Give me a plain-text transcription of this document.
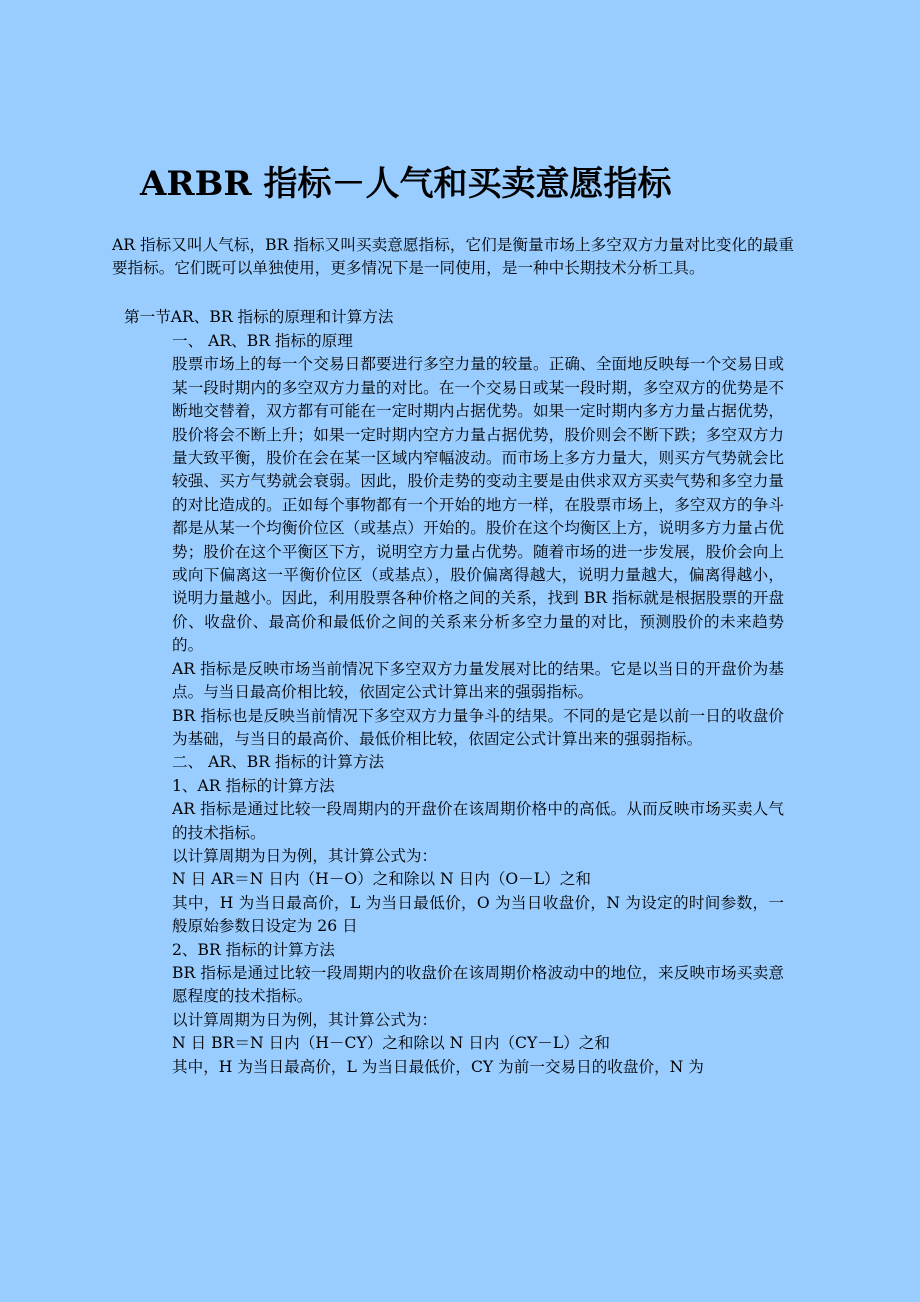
ARBR 指标－人气和买卖意愿指标

AR 指标又叫人气标，BR 指标又叫买卖意愿指标，它们是衡量市场上多空双方力量对比变化的最重要指标。它们既可以单独使用，更多情况下是一同使用，是一种中长期技术分析工具。

第一节AR、BR 指标的原理和计算方法

一、 AR、BR 指标的原理

股票市场上的每一个交易日都要进行多空力量的较量。正确、全面地反映每一个交易日或某一段时期内的多空双方力量的对比。在一个交易日或某一段时期，多空双方的优势是不断地交替着，双方都有可能在一定时期内占据优势。如果一定时期内多方力量占据优势，股价将会不断上升；如果一定时期内空方力量占据优势，股价则会不断下跌；多空双方力量大致平衡，股价在会在某一区域内窄幅波动。而市场上多方力量大，则买方气势就会比较强、买方气势就会衰弱。因此，股价走势的变动主要是由供求双方买卖气势和多空力量的对比造成的。正如每个事物都有一个开始的地方一样，在股票市场上，多空双方的争斗都是从某一个均衡价位区（或基点）开始的。股价在这个均衡区上方，说明多方力量占优势；股价在这个平衡区下方，说明空方力量占优势。随着市场的进一步发展，股价会向上或向下偏离这一平衡价位区（或基点），股价偏离得越大，说明力量越大，偏离得越小，说明力量越小。因此，利用股票各种价格之间的关系，找到 BR 指标就是根据股票的开盘价、收盘价、最高价和最低价之间的关系来分析多空力量的对比，预测股价的未来趋势的。

AR 指标是反映市场当前情况下多空双方力量发展对比的结果。它是以当日的开盘价为基点。与当日最高价相比较，依固定公式计算出来的强弱指标。

BR 指标也是反映当前情况下多空双方力量争斗的结果。不同的是它是以前一日的收盘价为基础，与当日的最高价、最低价相比较，依固定公式计算出来的强弱指标。

二、 AR、BR 指标的计算方法

1、AR 指标的计算方法

AR 指标是通过比较一段周期内的开盘价在该周期价格中的高低。从而反映市场买卖人气的技术指标。

以计算周期为日为例，其计算公式为：

N 日 AR＝N 日内（H－O）之和除以 N 日内（O－L）之和

其中，H 为当日最高价，L 为当日最低价，O 为当日收盘价，N 为设定的时间参数，一般原始参数日设定为 26 日

2、BR 指标的计算方法

BR 指标是通过比较一段周期内的收盘价在该周期价格波动中的地位，来反映市场买卖意愿程度的技术指标。

以计算周期为日为例，其计算公式为：

N 日 BR＝N 日内（H－CY）之和除以 N 日内（CY－L）之和

其中，H 为当日最高价，L 为当日最低价，CY 为前一交易日的收盘价，N 为
